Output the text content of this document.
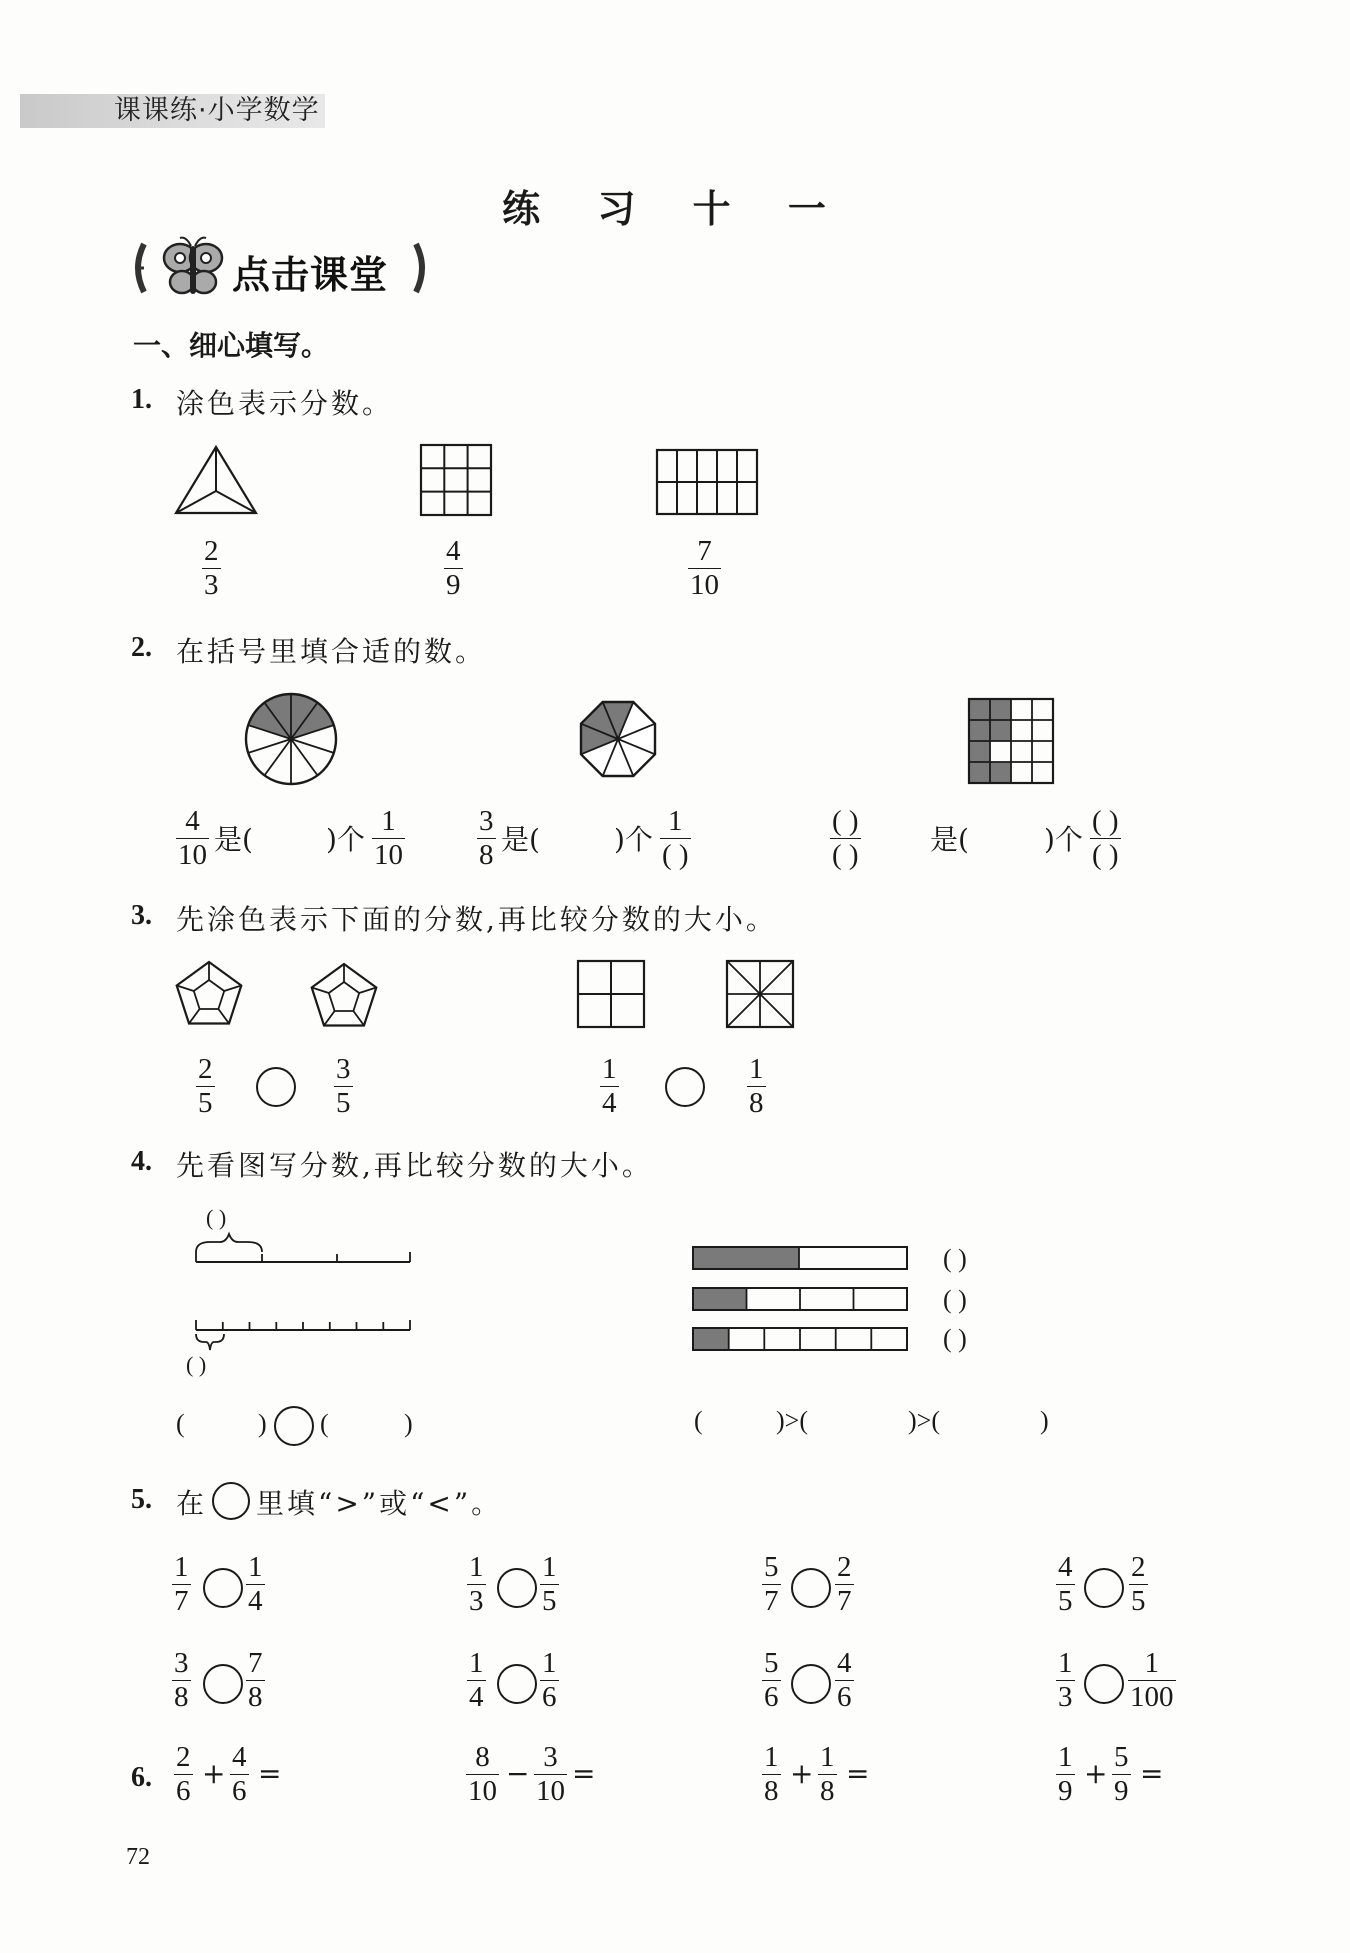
课课练·小学数学
练 习 十 一
点击课堂
一、细心填写。
1. 涂色表示分数。
2
3
4
9
7
10
2. 在括号里填合适的数。
4
10 是(	)个
1
10
3
8 是(	)个
1
( )
( )
( )	是(	)个
( )
( )
3. 先涂色表示下面的分数,再比较分数的大小。
2
5
3
5
1
4
1
8
4. 先看图写分数,再比较分数的大小。
( )
( )
(	) (	)
( )
( )
( )
(	)>(	)>(	)
5. 在 里填“>”或“<”。
1
7
1
4
1
3
1
5
5
7
2
7
4
5
2
5
3
8
7
8
1
4
1
6
5
6
4
6
1
3
1
100
6.
2
6
+ 4
6
=	8
10
− 3
10
=	1
8
+ 1
8
=	1
9
+ 5
9
=
72
